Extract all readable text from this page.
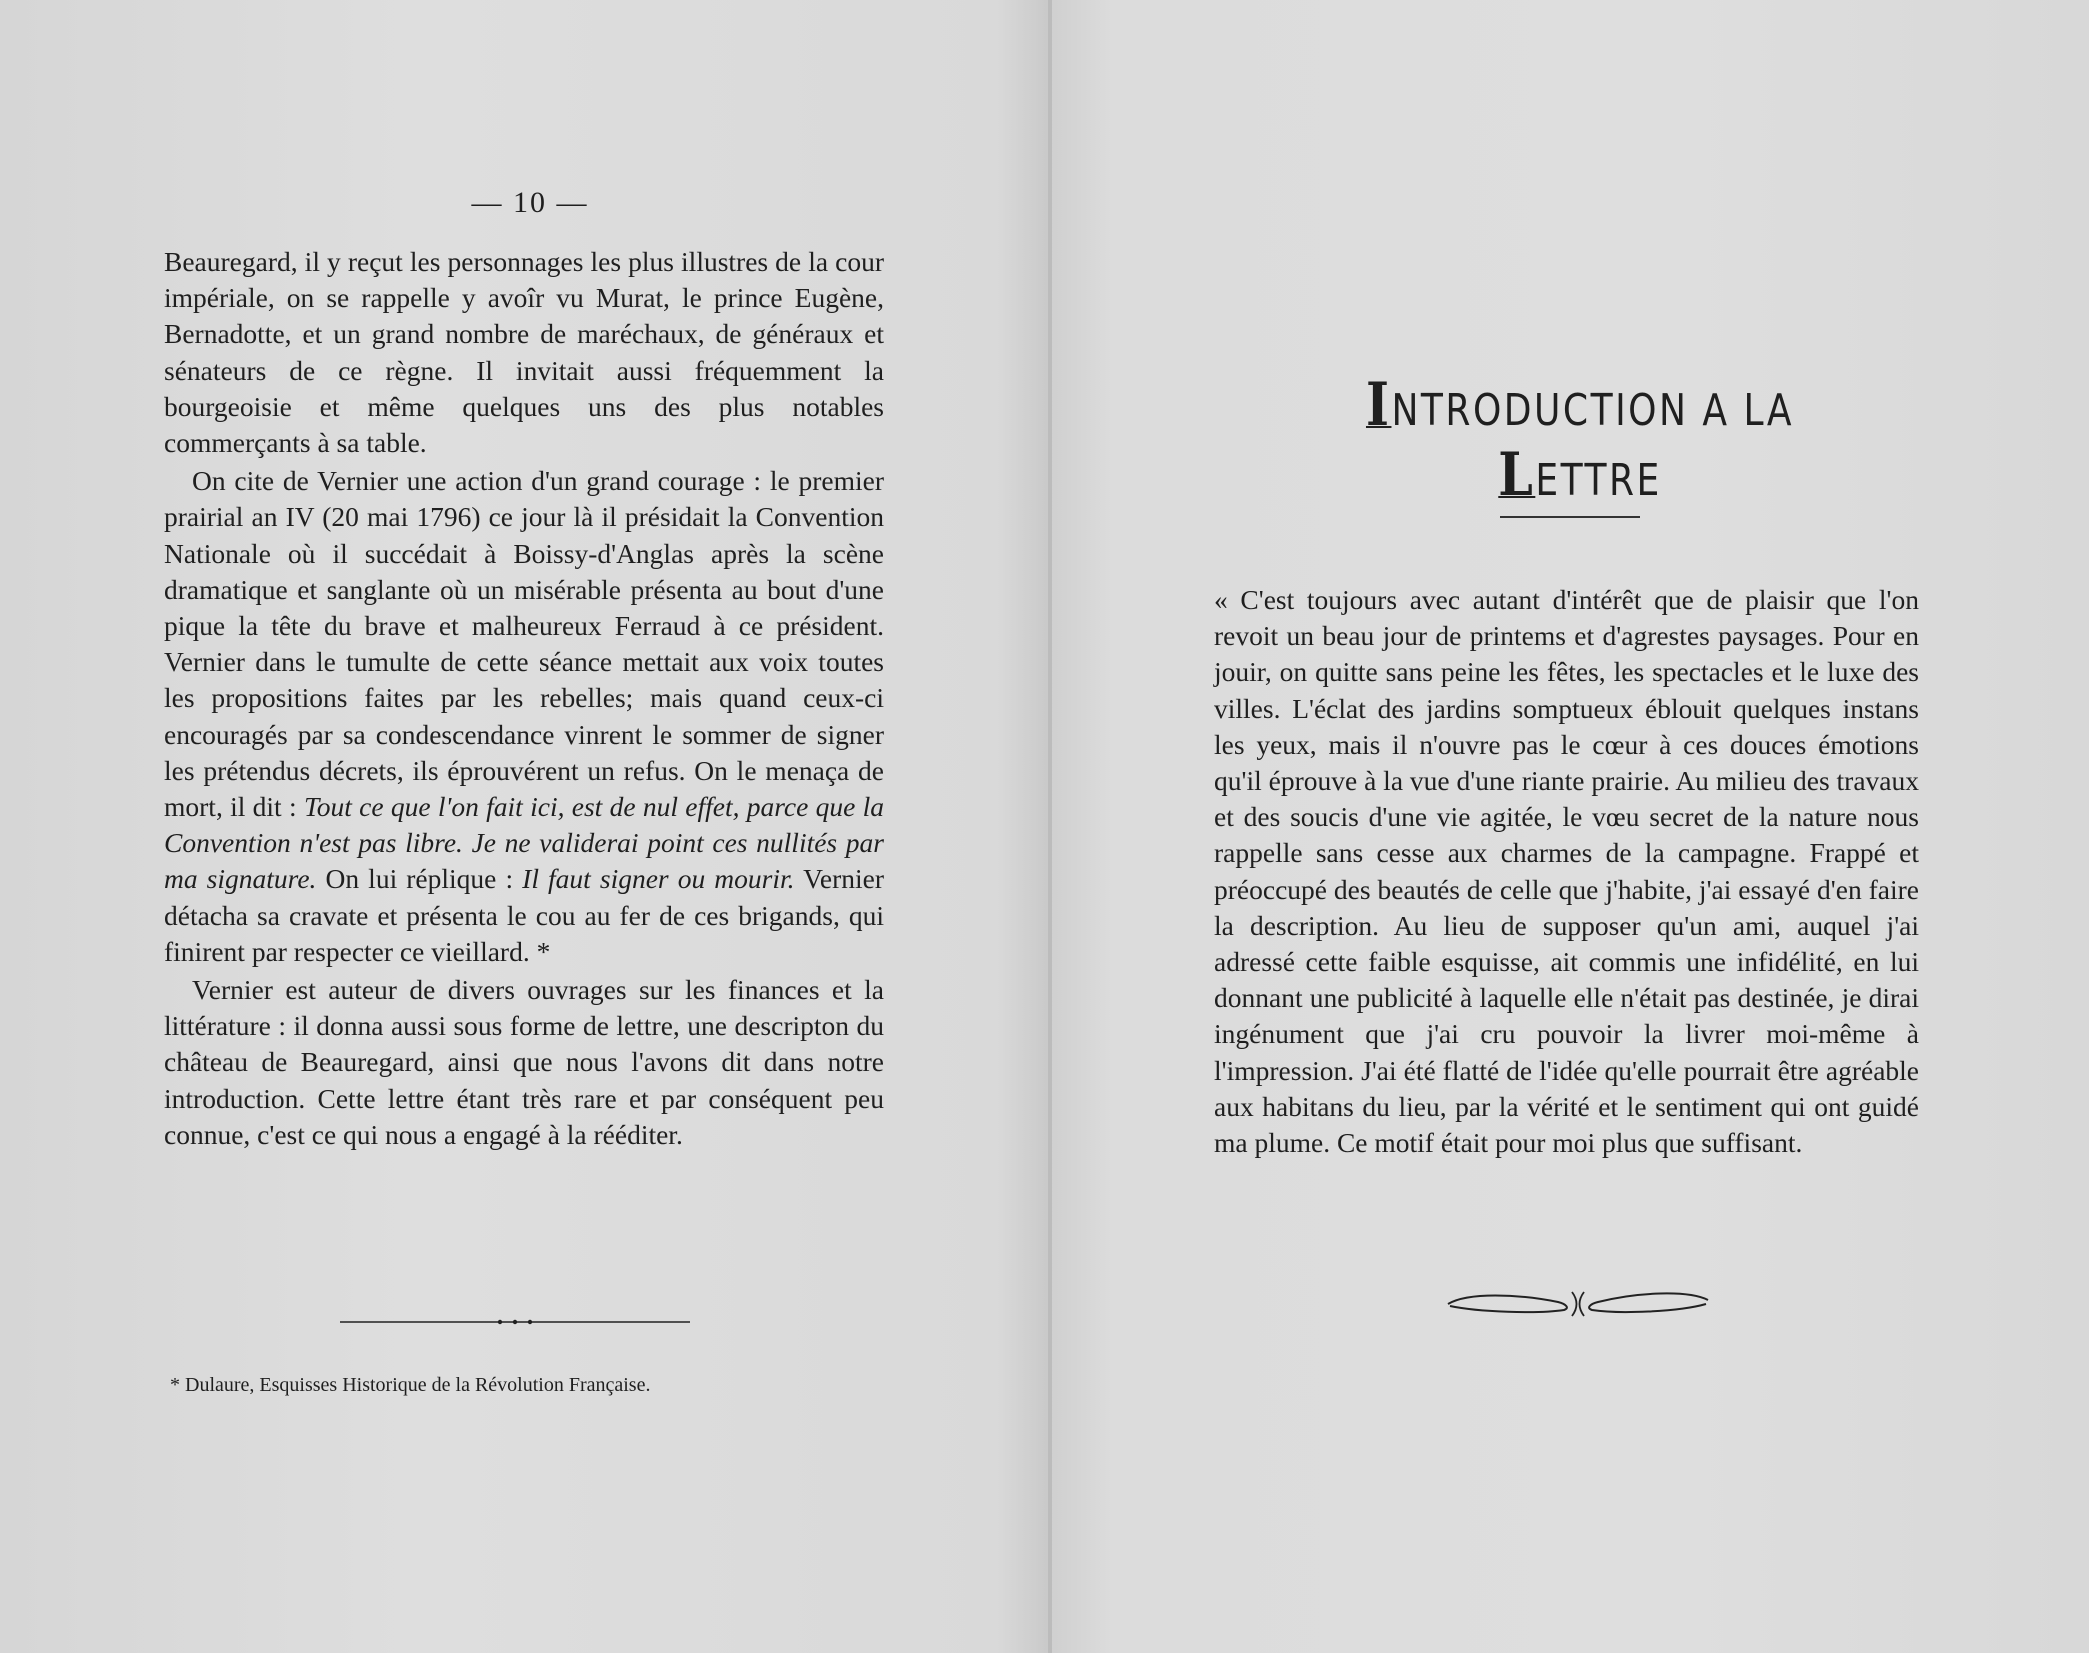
— 10 —

Beauregard, il y reçut les personnages les plus illustres de la cour impériale, on se rappelle y avoîr vu Murat, le prince Eugène, Bernadotte, et un grand nombre de maréchaux, de généraux et sénateurs de ce règne. Il invitait aussi fréquemment la bourgeoisie et même quelques uns des plus notables commerçants à sa table.

On cite de Vernier une action d'un grand courage : le premier prairial an IV (20 mai 1796) ce jour là il présidait la Convention Nationale où il succédait à Boissy-d'Anglas après la scène dramatique et sanglante où un misérable présenta au bout d'une pique la tête du brave et malheureux Ferraud à ce président. Vernier dans le tumulte de cette séance mettait aux voix toutes les propositions faites par les rebelles; mais quand ceux-ci encouragés par sa condescendance vinrent le sommer de signer les prétendus décrets, ils éprouvérent un refus. On le menaça de mort, il dit : Tout ce que l'on fait ici, est de nul effet, parce que la Convention n'est pas libre. Je ne validerai point ces nullités par ma signature. On lui réplique : Il faut signer ou mourir. Vernier détacha sa cravate et présenta le cou au fer de ces brigands, qui finirent par respecter ce vieillard. *

Vernier est auteur de divers ouvrages sur les finances et la littérature : il donna aussi sous forme de lettre, une descripton du château de Beauregard, ainsi que nous l'avons dit dans notre introduction. Cette lettre étant très rare et par conséquent peu connue, c'est ce qui nous a engagé à la rééditer.

* Dulaure, Esquisses Historique de la Révolution Française.
INTRODUCTION A LA LETTRE

« C'est toujours avec autant d'intérêt que de plaisir que l'on revoit un beau jour de printems et d'agrestes paysages. Pour en jouir, on quitte sans peine les fêtes, les spectacles et le luxe des villes. L'éclat des jardins somptueux éblouit quelques instans les yeux, mais il n'ouvre pas le cœur à ces douces émotions qu'il éprouve à la vue d'une riante prairie. Au milieu des travaux et des soucis d'une vie agitée, le vœu secret de la nature nous rappelle sans cesse aux charmes de la campagne. Frappé et préoccupé des beautés de celle que j'habite, j'ai essayé d'en faire la description. Au lieu de supposer qu'un ami, auquel j'ai adressé cette faible esquisse, ait commis une infidélité, en lui donnant une publicité à laquelle elle n'était pas destinée, je dirai ingénument que j'ai cru pouvoir la livrer moi-même à l'impression. J'ai été flatté de l'idée qu'elle pourrait être agréable aux habitans du lieu, par la vérité et le sentiment qui ont guidé ma plume. Ce motif était pour moi plus que suffisant.
